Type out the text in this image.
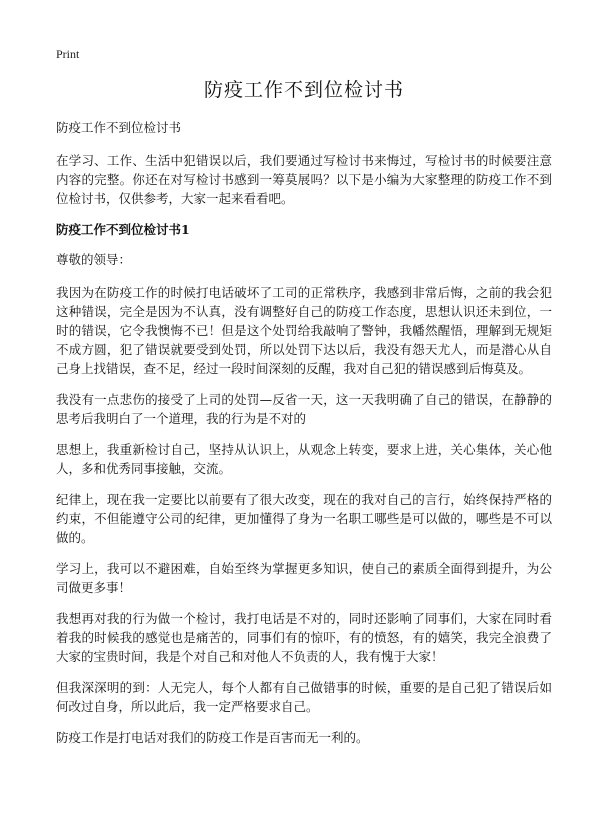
Print
防疫工作不到位检讨书

防疫工作不到位检讨书

在学习、工作、生活中犯错误以后，我们要通过写检讨书来悔过，写检讨书的时候要注意内容的完整。你还在对写检讨书感到一筹莫展吗？以下是小编为大家整理的防疫工作不到位检讨书，仅供参考，大家一起来看看吧。

防疫工作不到位检讨书1

尊敬的领导：

我因为在防疫工作的时候打电话破坏了工司的正常秩序，我感到非常后悔，之前的我会犯这种错误，完全是因为不认真，没有调整好自己的防疫工作态度，思想认识还未到位，一时的错误，它令我懊悔不已！但是这个处罚给我敲响了警钟，我幡然醒悟，理解到无规矩不成方圆，犯了错误就要受到处罚，所以处罚下达以后，我没有怨天尤人，而是潜心从自己身上找错误，查不足，经过一段时间深刻的反醒，我对自己犯的错误感到后悔莫及。

我没有一点悲伤的接受了上司的处罚—反省一天，这一天我明确了自己的错误，在静静的思考后我明白了一个道理，我的行为是不对的

思想上，我重新检讨自己，坚持从认识上，从观念上转变，要求上进，关心集体，关心他人，多和优秀同事接触，交流。

纪律上，现在我一定要比以前要有了很大改变，现在的我对自己的言行，始终保持严格的约束，不但能遵守公司的纪律，更加懂得了身为一名职工哪些是可以做的，哪些是不可以做的。

学习上，我可以不避困难，自始至终为掌握更多知识，使自己的素质全面得到提升，为公司做更多事！

我想再对我的行为做一个检讨，我打电话是不对的，同时还影响了同事们，大家在同时看着我的时候我的感觉也是痛苦的，同事们有的惊吓，有的愤怒，有的嬉笑，我完全浪费了大家的宝贵时间，我是个对自己和对他人不负责的人，我有愧于大家！

但我深深明的到：人无完人，每个人都有自己做错事的时候，重要的是自己犯了错误后如何改过自身，所以此后，我一定严格要求自己。

防疫工作是打电话对我们的防疫工作是百害而无一利的。
